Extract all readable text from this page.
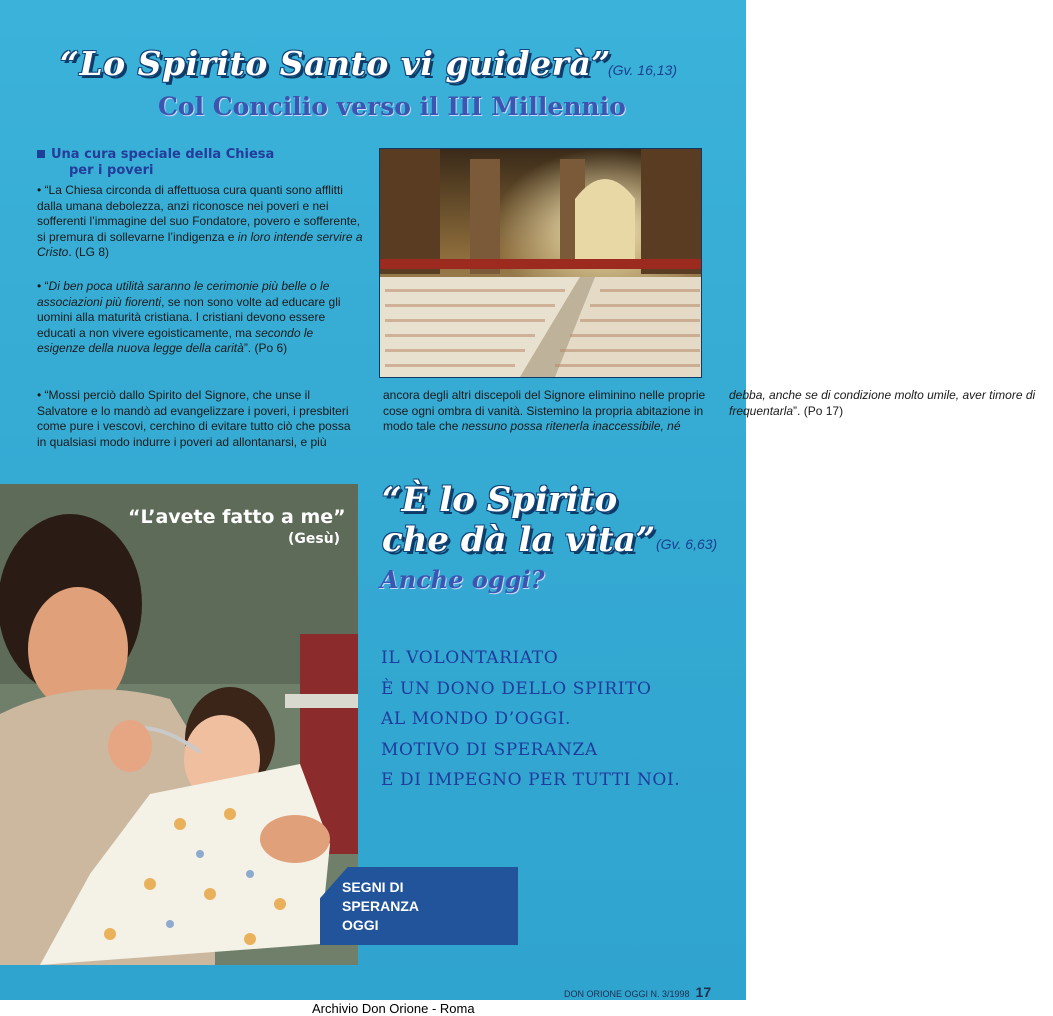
“Lo Spirito Santo vi guiderà”
(Gv. 16,13)
Col Concilio verso il III Millennio
Una cura speciale della Chiesa
per i poveri

• “La Chiesa circonda di affettuosa cura quanti sono afflitti dalla umana debolezza, anzi riconosce nei poveri e nei sofferenti l’immagine del suo Fondatore, povero e sofferente, si premura di sollevarne l’indigenza e in loro intende servire a Cristo. (LG 8)

• “Di ben poca utilità saranno le cerimonie più belle o le associazioni più fiorenti, se non sono volte ad educare gli uomini alla maturità cristiana. I cristiani devono essere educati a non vivere egoisticamente, ma secondo le esigenze della nuova legge della carità”. (Po 6)

• “Mossi perciò dallo Spirito del Signore, che unse il Salvatore e lo mandò ad evangelizzare i poveri, i presbiteri come pure i vescovi, cerchino di evitare tutto ciò che possa in qualsiasi modo indurre i poveri ad allontanarsi, e più ancora degli altri discepoli del Signore eliminino nelle proprie cose ogni ombra di vanità. Sistemino la propria abitazione in modo tale che nessuno possa ritenerla inaccessibile, né debba, anche se di condizione molto umile, aver timore di frequentarla”. (Po 17)

“L’avete fatto a me”
(Gesù)
“È lo Spirito
che dà la vita” (Gv. 6,63)
Anche oggi?
IL VOLONTARIATO
È UN DONO DELLO SPIRITO
AL MONDO D’OGGI.
MOTIVO DI SPERANZA
E DI IMPEGNO PER TUTTI NOI.
SEGNI DI
SPERANZA
OGGI
DON ORIONE OGGI N. 3/1998 17
Archivio Don Orione - Roma
